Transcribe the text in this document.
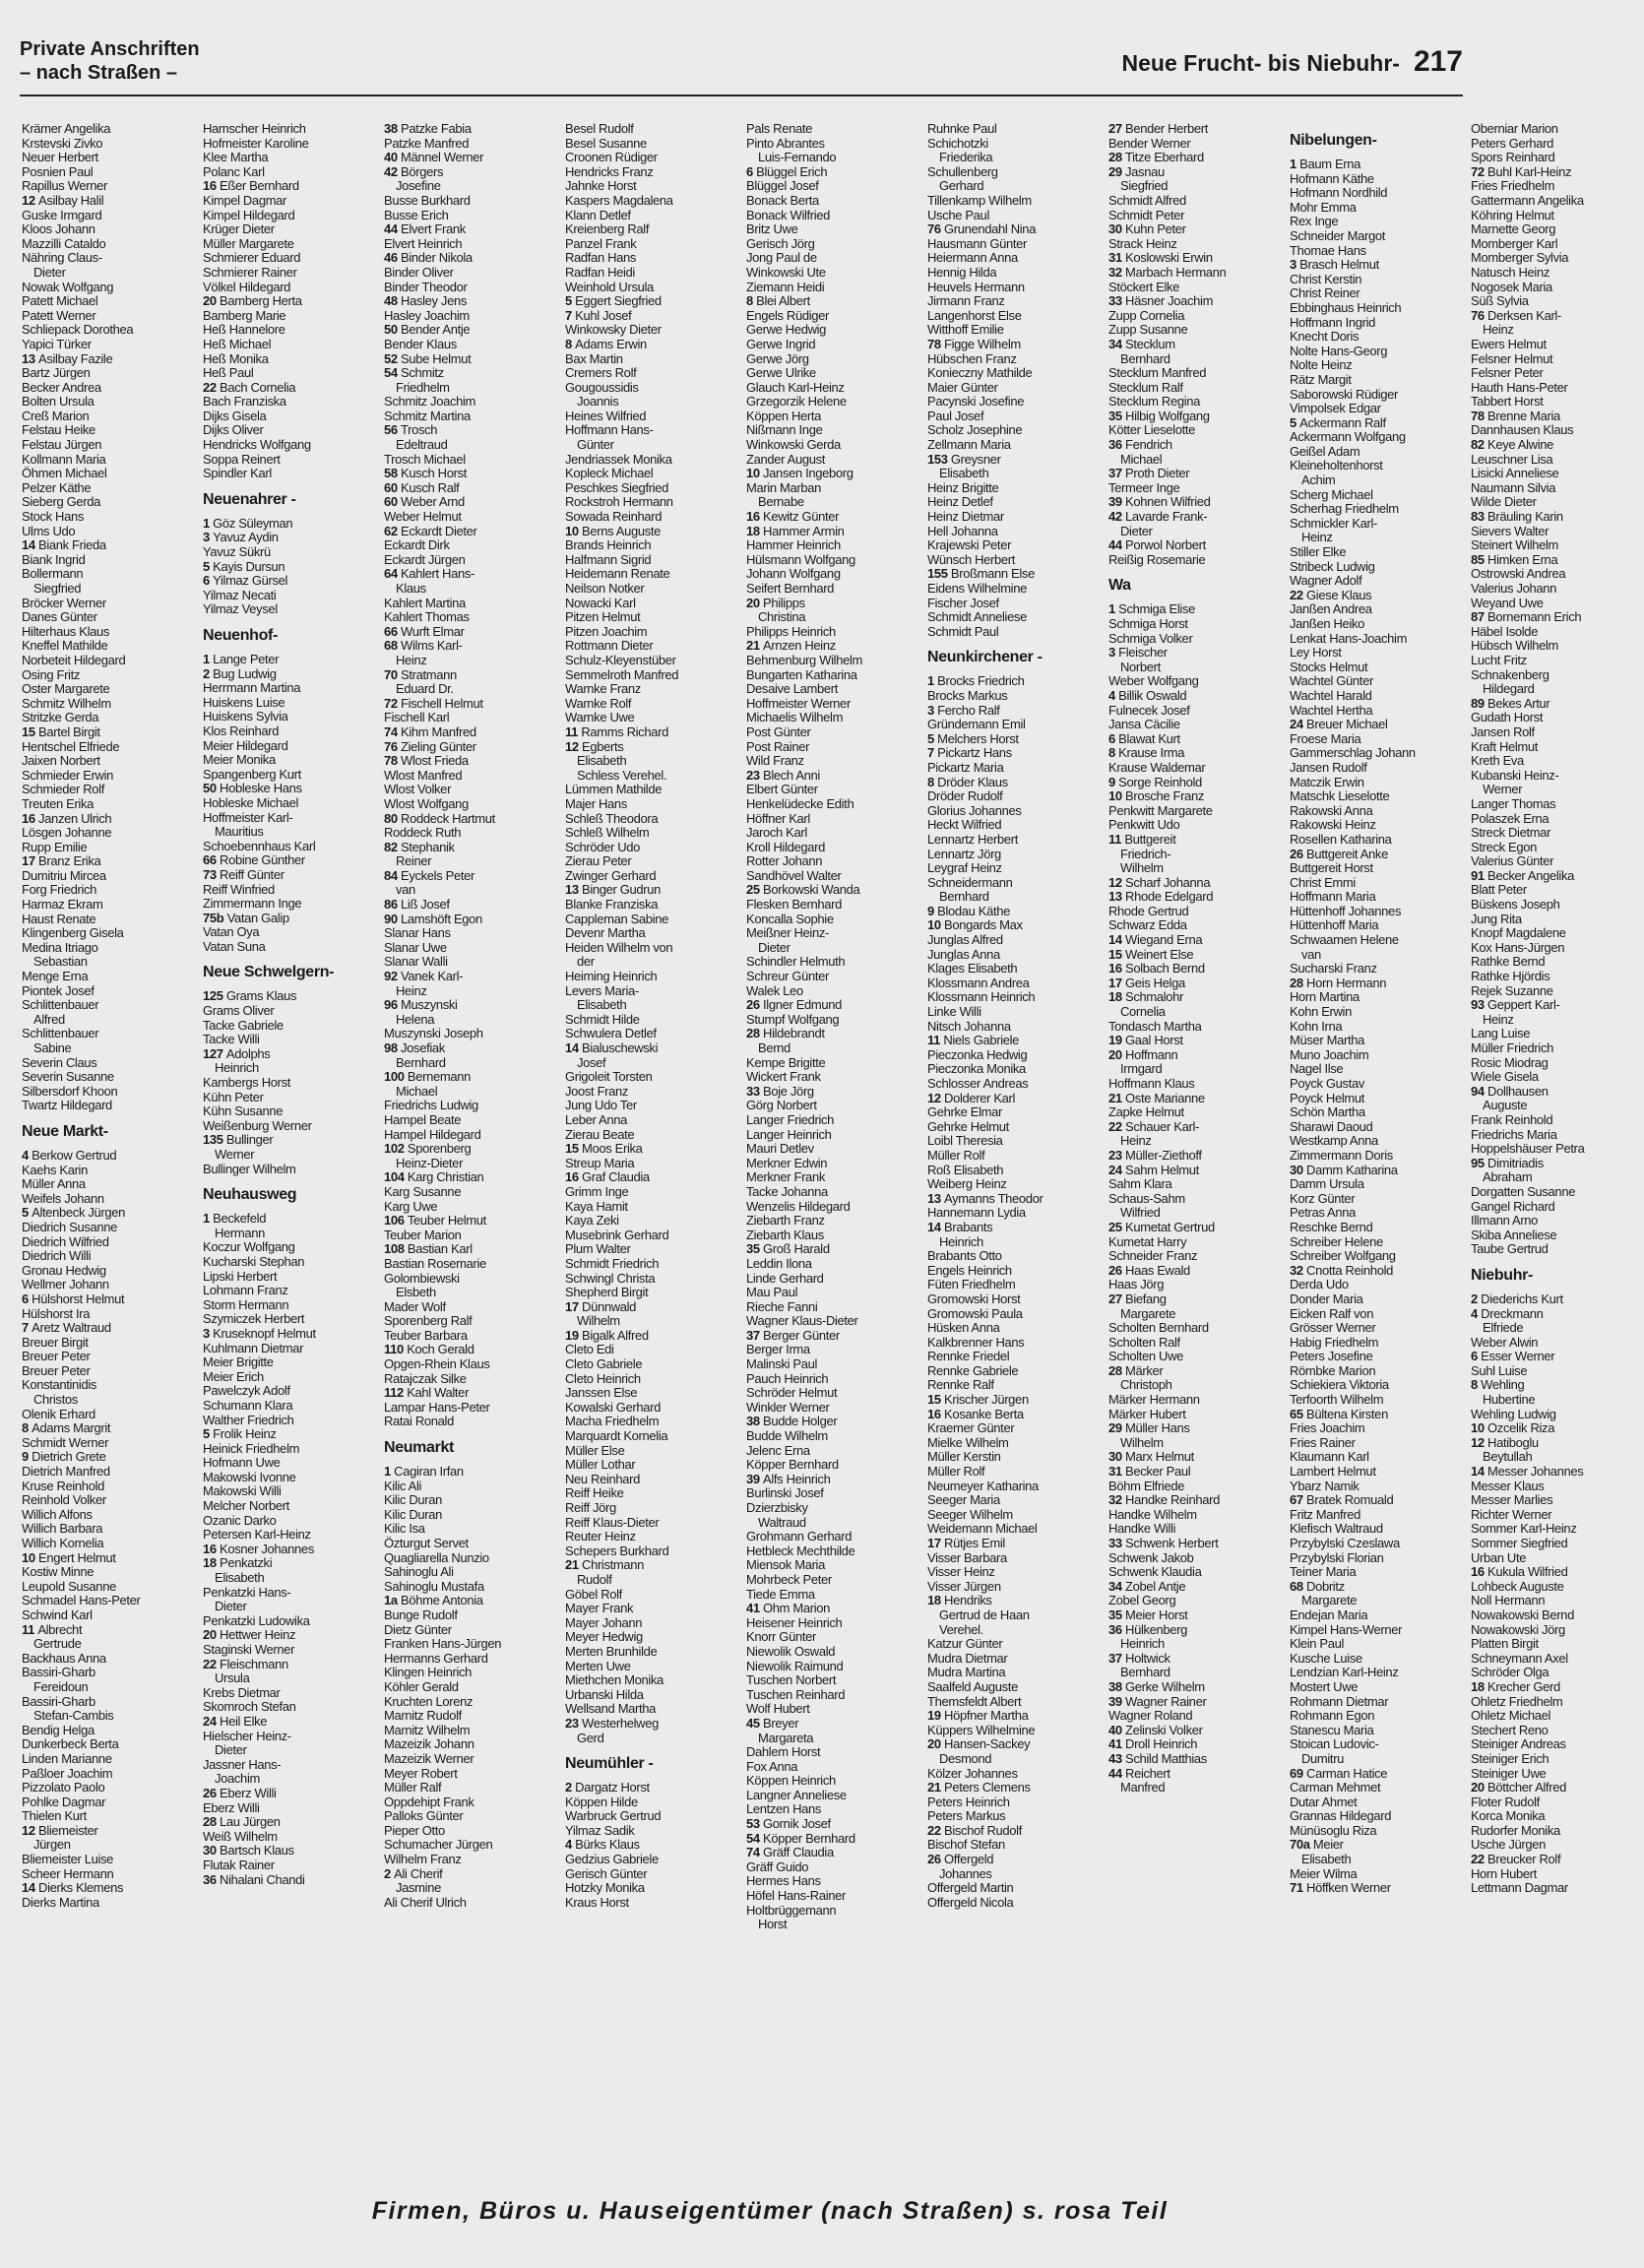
Private Anschriften
– nach Straßen –	Neue Frucht- bis Niebuhr- 217
Krämer Angelika
Krstevski Zivko
Neuer Herbert
Posnien Paul
Rapillus Werner
12 Asilbay Halil
Guske Irmgard
Kloos Johann
Mazzilli Cataldo
Nähring Claus-
Dieter
Nowak Wolfgang
Patett Michael
Patett Werner
Schliepack Dorothea
Yapici Türker
13 Asilbay Fazile
Bartz Jürgen
Becker Andrea
Bolten Ursula
Creß Marion
Felstau Heike
Felstau Jürgen
Kollmann Maria
Öhmen Michael
Pelzer Käthe
Sieberg Gerda
Stock Hans
Ulms Udo
14 Biank Frieda
Biank Ingrid
Bollermann
Siegfried
Bröcker Werner
Danes Günter
Hilterhaus Klaus
Kneffel Mathilde
Norbeteit Hildegard
Osing Fritz
Oster Margarete
Schmitz Wilhelm
Stritzke Gerda
15 Bartel Birgit
Hentschel Elfriede
Jaixen Norbert
Schmieder Erwin
Schmieder Rolf
Treuten Erika
16 Janzen Ulrich
Lösgen Johanne
Rupp Emilie
17 Branz Erika
Dumitriu Mircea
Forg Friedrich
Harmaz Ekram
Haust Renate
Klingenberg Gisela
Medina Itriago
Sebastian
Menge Erna
Piontek Josef
Schlittenbauer
Alfred
Schlittenbauer
Sabine
Severin Claus
Severin Susanne
Silbersdorf Khoon
Twartz Hildegard
Neue Markt-
4 Berkow Gertrud
Kaehs Karin
Müller Anna
Weifels Johann
5 Altenbeck Jürgen
Diedrich Susanne
Diedrich Wilfried
Diedrich Willi
Gronau Hedwig
Wellmer Johann
6 Hülshorst Helmut
Hülshorst Ira
7 Aretz Waltraud
Breuer Birgit
Breuer Peter
Breuer Peter
Konstantinidis
Christos
Olenik Erhard
8 Adams Margrit
Schmidt Werner
9 Dietrich Grete
Dietrich Manfred
Kruse Reinhold
Reinhold Volker
Willich Alfons
Willich Barbara
Willich Kornelia
10 Engert Helmut
Kostiw Minne
Leupold Susanne
Schmadel Hans-Peter
Schwind Karl
11 Albrecht
Gertrude
Backhaus Anna
Bassiri-Gharb
Fereidoun
Bassiri-Gharb
Stefan-Cambis
Bendig Helga
Dunkerbeck Berta
Linden Marianne
Paßloer Joachim
Pizzolato Paolo
Pohlke Dagmar
Thielen Kurt
12 Bliemeister
Jürgen
Bliemeister Luise
Scheer Hermann
14 Dierks Klemens
Dierks Martina
Hamscher Heinrich
Hofmeister Karoline
Klee Martha
Polanc Karl
16 Eßer Bernhard
Kimpel Dagmar
Kimpel Hildegard
Krüger Dieter
Müller Margarete
Schmierer Eduard
Schmierer Rainer
Völkel Hildegard
20 Bamberg Herta
Bamberg Marie
Heß Hannelore
Heß Michael
Heß Monika
Heß Paul
22 Bach Cornelia
Bach Franziska
Dijks Gisela
Dijks Oliver
Hendricks Wolfgang
Soppa Reinert
Spindler Karl
Neuenahrer -
1 Göz Süleyman
3 Yavuz Aydin
Yavuz Sükrü
5 Kayis Dursun
6 Yilmaz Gürsel
Yilmaz Necati
Yilmaz Veysel
Neuenhof-
1 Lange Peter
2 Bug Ludwig
Herrmann Martina
Huiskens Luise
Huiskens Sylvia
Klos Reinhard
Meier Hildegard
Meier Monika
Spangenberg Kurt
50 Hobleske Hans
Hobleske Michael
Hoffmeister Karl-
Mauritius
Schoebennhaus Karl
66 Robine Günther
73 Reiff Günter
Reiff Winfried
Zimmermann Inge
75b Vatan Galip
Vatan Oya
Vatan Suna
Neue Schwelgern-
125 Grams Klaus
Grams Oliver
Tacke Gabriele
Tacke Willi
127 Adolphs
Heinrich
Kambergs Horst
Kühn Peter
Kühn Susanne
Weißenburg Werner
135 Bullinger
Werner
Bullinger Wilhelm
Neuhausweg
1 Beckefeld
Hermann
Koczur Wolfgang
Kucharski Stephan
Lipski Herbert
Lohmann Franz
Storm Hermann
Szymiczek Herbert
3 Kruseknopf Helmut
Kuhlmann Dietmar
Meier Brigitte
Meier Erich
Pawelczyk Adolf
Schumann Klara
Walther Friedrich
5 Frolik Heinz
Heinick Friedhelm
Hofmann Uwe
Makowski Ivonne
Makowski Willi
Melcher Norbert
Ozanic Darko
Petersen Karl-Heinz
16 Kosner Johannes
18 Penkatzki
Elisabeth
Penkatzki Hans-
Dieter
Penkatzki Ludowika
20 Hettwer Heinz
Staginski Werner
22 Fleischmann
Ursula
Krebs Dietmar
Skomroch Stefan
24 Heil Elke
Hielscher Heinz-
Dieter
Jassner Hans-
Joachim
26 Eberz Willi
Eberz Willi
28 Lau Jürgen
Weiß Wilhelm
30 Bartsch Klaus
Flutak Rainer
36 Nihalani Chandi
38 Patzke Fabia
Patzke Manfred
40 Männel Werner
42 Börgers
Josefine
Busse Burkhard
Busse Erich
44 Elvert Frank
Elvert Heinrich
46 Binder Nikola
Binder Oliver
Binder Theodor
48 Hasley Jens
Hasley Joachim
50 Bender Antje
Bender Klaus
52 Sube Helmut
54 Schmitz
Friedhelm
Schmitz Joachim
Schmitz Martina
56 Trosch
Edeltraud
Trosch Michael
58 Kusch Horst
60 Kusch Ralf
60 Weber Arnd
Weber Helmut
62 Eckardt Dieter
Eckardt Dirk
Eckardt Jürgen
64 Kahlert Hans-
Klaus
Kahlert Martina
Kahlert Thomas
66 Wurft Elmar
68 Wilms Karl-
Heinz
70 Stratmann
Eduard Dr.
72 Fischell Helmut
Fischell Karl
74 Kihm Manfred
76 Zieling Günter
78 Wlost Frieda
Wlost Manfred
Wlost Volker
Wlost Wolfgang
80 Roddeck Hartmut
Roddeck Ruth
82 Stephanik
Reiner
84 Eyckels Peter
van
86 Liß Josef
90 Lamshöft Egon
Slanar Hans
Slanar Uwe
Slanar Walli
92 Vanek Karl-
Heinz
96 Muszynski
Helena
Muszynski Joseph
98 Josefiak
Bernhard
100 Bernemann
Michael
Friedrichs Ludwig
Hampel Beate
Hampel Hildegard
102 Sporenberg
Heinz-Dieter
104 Karg Christian
Karg Susanne
Karg Uwe
106 Teuber Helmut
Teuber Marion
108 Bastian Karl
Bastian Rosemarie
Golombiewski
Elsbeth
Mader Wolf
Sporenberg Ralf
Teuber Barbara
110 Koch Gerald
Opgen-Rhein Klaus
Ratajczak Silke
112 Kahl Walter
Lampar Hans-Peter
Ratai Ronald
Neumarkt
1 Cagiran Irfan
Kilic Ali
Kilic Duran
Kilic Duran
Kilic Isa
Özturgut Servet
Quagliarella Nunzio
Sahinoglu Ali
Sahinoglu Mustafa
1a Böhme Antonia
Bunge Rudolf
Dietz Günter
Franken Hans-Jürgen
Hermanns Gerhard
Klingen Heinrich
Köhler Gerald
Kruchten Lorenz
Marnitz Rudolf
Marnitz Wilhelm
Mazeizik Johann
Mazeizik Werner
Meyer Robert
Müller Ralf
Oppdehipt Frank
Palloks Günter
Pieper Otto
Schumacher Jürgen
Wilhelm Franz
2 Ali Cherif
Jasmine
Ali Cherif Ulrich
Besel Rudolf
Besel Susanne
Croonen Rüdiger
Hendricks Franz
Jahnke Horst
Kaspers Magdalena
Klann Detlef
Kreienberg Ralf
Panzel Frank
Radfan Hans
Radfan Heidi
Weinhold Ursula
5 Eggert Siegfried
7 Kuhl Josef
Winkowsky Dieter
8 Adams Erwin
Bax Martin
Cremers Rolf
Gougoussidis
Joannis
Heines Wilfried
Hoffmann Hans-
Günter
Jendriassek Monika
Kopleck Michael
Peschkes Siegfried
Rockstroh Hermann
Sowada Reinhard
10 Berns Auguste
Brands Heinrich
Halfmann Sigrid
Heidemann Renate
Neilson Notker
Nowacki Karl
Pitzen Helmut
Pitzen Joachim
Rottmann Dieter
Schulz-Kleyenstüber
Semmelroth Manfred
Warnke Franz
Warnke Rolf
Warnke Uwe
11 Ramms Richard
12 Egberts
Elisabeth
Schless Verehel.
Lümmen Mathilde
Majer Hans
Schleß Theodora
Schleß Wilhelm
Schröder Udo
Zierau Peter
Zwinger Gerhard
13 Binger Gudrun
Blanke Franziska
Cappleman Sabine
Devenr Martha
Heiden Wilhelm von
der
Heiming Heinrich
Levers Maria-
Elisabeth
Schmidt Hilde
Schwulera Detlef
14 Bialuschewski
Josef
Grigoleit Torsten
Joost Franz
Jung Udo Ter
Leber Anna
Zierau Beate
15 Moos Erika
Streup Maria
16 Graf Claudia
Grimm Inge
Kaya Hamit
Kaya Zeki
Musebrink Gerhard
Plum Walter
Schmidt Friedrich
Schwingl Christa
Shepherd Birgit
17 Dünnwald
Wilhelm
19 Bigalk Alfred
Cleto Edi
Cleto Gabriele
Cleto Heinrich
Janssen Else
Kowalski Gerhard
Macha Friedhelm
Marquardt Kornelia
Müller Else
Müller Lothar
Neu Reinhard
Reiff Heike
Reiff Jörg
Reiff Klaus-Dieter
Reuter Heinz
Schepers Burkhard
21 Christmann
Rudolf
Göbel Rolf
Mayer Frank
Mayer Johann
Meyer Hedwig
Merten Brunhilde
Merten Uwe
Miethchen Monika
Urbanski Hilda
Wellsand Martha
23 Westerhelweg
Gerd
Neumühler -
2 Dargatz Horst
Köppen Hilde
Warbruck Gertrud
Yilmaz Sadik
4 Bürks Klaus
Gedzius Gabriele
Gerisch Günter
Hotzky Monika
Kraus Horst
Pals Renate
Pinto Abrantes
Luis-Fernando
6 Blüggel Erich
Blüggel Josef
Bonack Berta
Bonack Wilfried
Britz Uwe
Gerisch Jörg
Jong Paul de
Winkowski Ute
Ziemann Heidi
8 Blei Albert
Engels Rüdiger
Gerwe Hedwig
Gerwe Ingrid
Gerwe Jörg
Gerwe Ulrike
Glauch Karl-Heinz
Grzegorzik Helene
Köppen Herta
Nißmann Inge
Winkowski Gerda
Zander August
10 Jansen Ingeborg
Marin Marban
Bernabe
16 Kewitz Günter
18 Hammer Armin
Hammer Heinrich
Hülsmann Wolfgang
Johann Wolfgang
Seifert Bernhard
20 Philipps
Christina
Philipps Heinrich
21 Arnzen Heinz
Behmenburg Wilhelm
Bungarten Katharina
Desaive Lambert
Hoffmeister Werner
Michaelis Wilhelm
Post Günter
Post Rainer
Wild Franz
23 Blech Anni
Elbert Günter
Henkelüdecke Edith
Höffner Karl
Jaroch Karl
Kroll Hildegard
Rotter Johann
Sandhövel Walter
25 Borkowski Wanda
Flesken Bernhard
Koncalla Sophie
Meißner Heinz-
Dieter
Schindler Helmuth
Schreur Günter
Walek Leo
26 Ilgner Edmund
Stumpf Wolfgang
28 Hildebrandt
Bernd
Kempe Brigitte
Wickert Frank
33 Boje Jörg
Görg Norbert
Langer Friedrich
Langer Heinrich
Mauri Detlev
Merkner Edwin
Merkner Frank
Tacke Johanna
Wenzelis Hildegard
Ziebarth Franz
Ziebarth Klaus
35 Groß Harald
Leddin Ilona
Linde Gerhard
Mau Paul
Rieche Fanni
Wagner Klaus-Dieter
37 Berger Günter
Berger Irma
Malinski Paul
Pauch Heinrich
Schröder Helmut
Winkler Werner
38 Budde Holger
Budde Wilhelm
Jelenc Erna
Köpper Bernhard
39 Alfs Heinrich
Burlinski Josef
Dzierzbisky
Waltraud
Grohmann Gerhard
Hetbleck Mechthilde
Miensok Maria
Mohrbeck Peter
Tiede Emma
41 Ohm Marion
Heisener Heinrich
Knorr Günter
Niewolik Oswald
Niewolik Raimund
Tuschen Norbert
Tuschen Reinhard
Wolf Hubert
45 Breyer
Margareta
Dahlem Horst
Fox Anna
Köppen Heinrich
Langner Anneliese
Lentzen Hans
53 Gornik Josef
54 Köpper Bernhard
74 Gräff Claudia
Gräff Guido
Hermes Hans
Höfel Hans-Rainer
Holtbrüggemann
Horst
Ruhnke Paul
Schichotzki
Friederika
Schullenberg
Gerhard
Tillenkamp Wilhelm
Usche Paul
76 Grunendahl Nina
Hausmann Günter
Heiermann Anna
Hennig Hilda
Heuvels Hermann
Jirmann Franz
Langenhorst Else
Witthoff Emilie
78 Figge Wilhelm
Hübschen Franz
Konieczny Mathilde
Maier Günter
Pacynski Josefine
Paul Josef
Scholz Josephine
Zellmann Maria
153 Greysner
Elisabeth
Heinz Brigitte
Heinz Detlef
Heinz Dietmar
Hell Johanna
Krajewski Peter
Wünsch Herbert
155 Broßmann Else
Eidens Wilhelmine
Fischer Josef
Schmidt Anneliese
Schmidt Paul
Neunkirchener -
1 Brocks Friedrich
Brocks Markus
3 Fercho Ralf
Gründemann Emil
5 Melchers Horst
7 Pickartz Hans
Pickartz Maria
8 Dröder Klaus
Dröder Rudolf
Glorius Johannes
Heckt Wilfried
Lennartz Herbert
Lennartz Jörg
Leygraf Heinz
Schneidermann
Bernhard
9 Blodau Käthe
10 Bongards Max
Junglas Alfred
Junglas Anna
Klages Elisabeth
Klossmann Andrea
Klossmann Heinrich
Linke Willi
Nitsch Johanna
11 Niels Gabriele
Pieczonka Hedwig
Pieczonka Monika
Schlosser Andreas
12 Dolderer Karl
Gehrke Elmar
Gehrke Helmut
Loibl Theresia
Müller Rolf
Roß Elisabeth
Weiberg Heinz
13 Aymanns Theodor
Hannemann Lydia
14 Brabants
Heinrich
Brabants Otto
Engels Heinrich
Füten Friedhelm
Gromowski Horst
Gromowski Paula
Hüsken Anna
Kalkbrenner Hans
Rennke Friedel
Rennke Gabriele
Rennke Ralf
15 Krischer Jürgen
16 Kosanke Berta
Kraemer Günter
Mielke Wilhelm
Müller Kerstin
Müller Rolf
Neumeyer Katharina
Seeger Maria
Seeger Wilhelm
Weidemann Michael
17 Rütjes Emil
Visser Barbara
Visser Heinz
Visser Jürgen
18 Hendriks
Gertrud de Haan
Verehel.
Katzur Günter
Mudra Dietmar
Mudra Martina
Saalfeld Auguste
Themsfeldt Albert
19 Höpfner Martha
Küppers Wilhelmine
20 Hansen-Sackey
Desmond
Kölzer Johannes
21 Peters Clemens
Peters Heinrich
Peters Markus
22 Bischof Rudolf
Bischof Stefan
26 Offergeld
Johannes
Offergeld Martin
Offergeld Nicola
27 Bender Herbert
Bender Werner
28 Titze Eberhard
29 Jasnau
Siegfried
Schmidt Alfred
Schmidt Peter
30 Kuhn Peter
Strack Heinz
31 Koslowski Erwin
32 Marbach Hermann
Stöckert Elke
33 Häsner Joachim
Zupp Cornelia
Zupp Susanne
34 Stecklum
Bernhard
Stecklum Manfred
Stecklum Ralf
Stecklum Regina
35 Hilbig Wolfgang
Kötter Lieselotte
36 Fendrich
Michael
37 Proth Dieter
Termeer Inge
39 Kohnen Wilfried
42 Lavarde Frank-
Dieter
44 Porwol Norbert
Reißig Rosemarie
Wa
1 Schmiga Elise
Schmiga Horst
Schmiga Volker
3 Fleischer
Norbert
Weber Wolfgang
4 Billik Oswald
Fulnecek Josef
Jansa Cäcilie
6 Blawat Kurt
8 Krause Irma
Krause Waldemar
9 Sorge Reinhold
10 Brosche Franz
Penkwitt Margarete
Penkwitt Udo
11 Buttgereit
Friedrich-
Wilhelm
12 Scharf Johanna
13 Rhode Edelgard
Rhode Gertrud
Schwarz Edda
14 Wiegand Erna
15 Weinert Else
16 Solbach Bernd
17 Geis Helga
18 Schmalohr
Cornelia
Tondasch Martha
19 Gaal Horst
20 Hoffmann
Irmgard
Hoffmann Klaus
21 Oste Marianne
Zapke Helmut
22 Schauer Karl-
Heinz
23 Müller-Ziethoff
24 Sahm Helmut
Sahm Klara
Schaus-Sahm
Wilfried
25 Kumetat Gertrud
Kumetat Harry
Schneider Franz
26 Haas Ewald
Haas Jörg
27 Biefang
Margarete
Scholten Bernhard
Scholten Ralf
Scholten Uwe
28 Märker
Christoph
Märker Hermann
Märker Hubert
29 Müller Hans
Wilhelm
30 Marx Helmut
31 Becker Paul
Böhm Elfriede
32 Handke Reinhard
Handke Wilhelm
Handke Willi
33 Schwenk Herbert
Schwenk Jakob
Schwenk Klaudia
34 Zobel Antje
Zobel Georg
35 Meier Horst
36 Hülkenberg
Heinrich
37 Holtwick
Bernhard
38 Gerke Wilhelm
39 Wagner Rainer
Wagner Roland
40 Zelinski Volker
41 Droll Heinrich
43 Schild Matthias
44 Reichert
Manfred
Nibelungen-
1 Baum Erna
Hofmann Käthe
Hofmann Nordhild
Mohr Emma
Rex Inge
Schneider Margot
Thomae Hans
3 Brasch Helmut
Christ Kerstin
Christ Reiner
Ebbinghaus Heinrich
Hoffmann Ingrid
Knecht Doris
Nolte Hans-Georg
Nolte Heinz
Rätz Margit
Saborowski Rüdiger
Vimpolsek Edgar
5 Ackermann Ralf
Ackermann Wolfgang
Geißel Adam
Kleineholtenhorst
Achim
Scherg Michael
Scherhag Friedhelm
Schmickler Karl-
Heinz
Stiller Elke
Stribeck Ludwig
Wagner Adolf
22 Giese Klaus
Janßen Andrea
Janßen Heiko
Lenkat Hans-Joachim
Ley Horst
Stocks Helmut
Wachtel Günter
Wachtel Harald
Wachtel Hertha
24 Breuer Michael
Froese Maria
Gammerschlag Johann
Jansen Rudolf
Matczik Erwin
Matschk Lieselotte
Rakowski Anna
Rakowski Heinz
Rosellen Katharina
26 Buttgereit Anke
Buttgereit Horst
Christ Emmi
Hoffmann Maria
Hüttenhoff Johannes
Hüttenhoff Maria
Schwaamen Helene
van
Sucharski Franz
28 Horn Hermann
Horn Martina
Kohn Erwin
Kohn Irna
Müser Martha
Muno Joachim
Nagel Ilse
Poyck Gustav
Poyck Helmut
Schön Martha
Sharawi Daoud
Westkamp Anna
Zimmermann Doris
30 Damm Katharina
Damm Ursula
Korz Günter
Petras Anna
Reschke Bernd
Schreiber Helene
Schreiber Wolfgang
32 Cnotta Reinhold
Derda Udo
Donder Maria
Eicken Ralf von
Grösser Werner
Habig Friedhelm
Peters Josefine
Römbke Marion
Schiekiera Viktoria
Terfoorth Wilhelm
65 Bültena Kirsten
Fries Joachim
Fries Rainer
Klaumann Karl
Lambert Helmut
Ybarz Namik
67 Bratek Romuald
Fritz Manfred
Klefisch Waltraud
Przybylski Czeslawa
Przybylski Florian
Teiner Maria
68 Dobritz
Margarete
Endejan Maria
Kimpel Hans-Werner
Klein Paul
Kusche Luise
Lendzian Karl-Heinz
Mostert Uwe
Rohmann Dietmar
Rohmann Egon
Stanescu Maria
Stoican Ludovic-
Dumitru
69 Carman Hatice
Carman Mehmet
Dutar Ahmet
Grannas Hildegard
Münüsoglu Riza
70a Meier
Elisabeth
Meier Wilma
71 Höffken Werner
Oberniar Marion
Peters Gerhard
Spors Reinhard
72 Buhl Karl-Heinz
Fries Friedhelm
Gattermann Angelika
Köhring Helmut
Marnette Georg
Momberger Karl
Momberger Sylvia
Natusch Heinz
Nogosek Maria
Süß Sylvia
76 Derksen Karl-
Heinz
Ewers Helmut
Felsner Helmut
Felsner Peter
Hauth Hans-Peter
Tabbert Horst
78 Brenne Maria
Dannhausen Klaus
82 Keye Alwine
Leuschner Lisa
Lisicki Anneliese
Naumann Silvia
Wilde Dieter
83 Bräuling Karin
Sievers Walter
Steinert Wilhelm
85 Himken Erna
Ostrowski Andrea
Valerius Johann
Weyand Uwe
87 Bornemann Erich
Häbel Isolde
Hübsch Wilhelm
Lucht Fritz
Schnakenberg
Hildegard
89 Bekes Artur
Gudath Horst
Jansen Rolf
Kraft Helmut
Kreth Eva
Kubanski Heinz-
Werner
Langer Thomas
Polaszek Erna
Streck Dietmar
Streck Egon
Valerius Günter
91 Becker Angelika
Blatt Peter
Büskens Joseph
Jung Rita
Knopf Magdalene
Kox Hans-Jürgen
Rathke Bernd
Rathke Hjördis
Rejek Suzanne
93 Geppert Karl-
Heinz
Lang Luise
Müller Friedrich
Rosic Miodrag
Wiele Gisela
94 Dollhausen
Auguste
Frank Reinhold
Friedrichs Maria
Hoppelshäuser Petra
95 Dimitriadis
Abraham
Dorgatten Susanne
Gangel Richard
Illmann Arno
Skiba Anneliese
Taube Gertrud
Niebuhr-
2 Diederichs Kurt
4 Dreckmann
Elfriede
Weber Alwin
6 Esser Werner
Suhl Luise
8 Wehling
Hubertine
Wehling Ludwig
10 Ozcelik Riza
12 Hatiboglu
Beytullah
14 Messer Johannes
Messer Klaus
Messer Marlies
Richter Werner
Sommer Karl-Heinz
Sommer Siegfried
Urban Ute
16 Kukula Wilfried
Lohbeck Auguste
Noll Hermann
Nowakowski Bernd
Nowakowski Jörg
Platten Birgit
Schneymann Axel
Schröder Olga
18 Krecher Gerd
Ohletz Friedhelm
Ohletz Michael
Stechert Reno
Steiniger Andreas
Steiniger Erich
Steiniger Uwe
20 Böttcher Alfred
Floter Rudolf
Korca Monika
Rudorfer Monika
Usche Jürgen
22 Breucker Rolf
Horn Hubert
Lettmann Dagmar
Firmen, Büros u. Hauseigentümer (nach Straßen) s. rosa Teil
